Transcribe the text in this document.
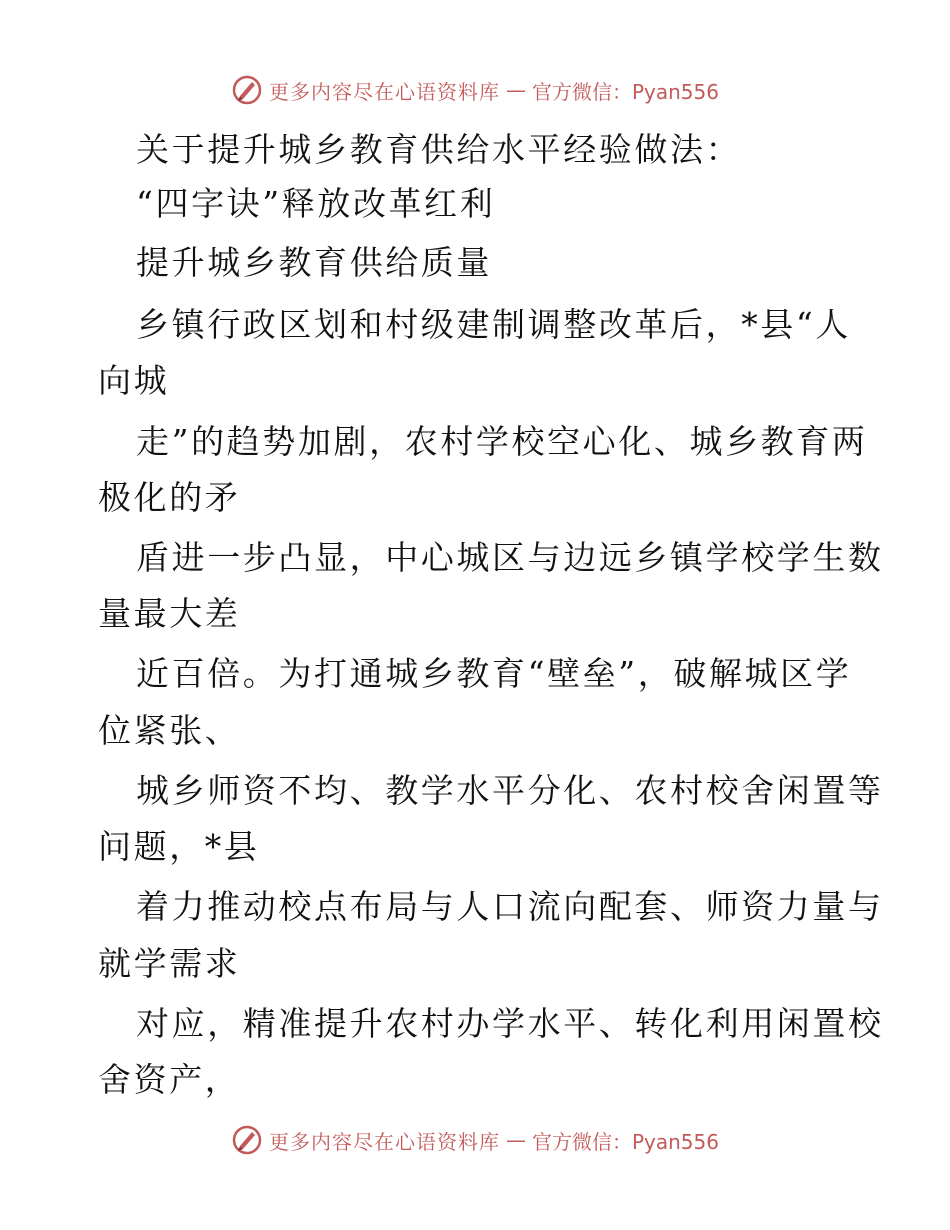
更多内容尽在心语资料库 — 官方微信：Pyan556
关于提升城乡教育供给水平经验做法：
“四字诀”释放改革红利
提升城乡教育供给质量
乡镇行政区划和村级建制调整改革后，*县“人
向城
走”的趋势加剧，农村学校空心化、城乡教育两
极化的矛
盾进一步凸显，中心城区与边远乡镇学校学生数
量最大差
近百倍。为打通城乡教育“壁垒”，破解城区学
位紧张、
城乡师资不均、教学水平分化、农村校舍闲置等
问题，*县
着力推动校点布局与人口流向配套、师资力量与
就学需求
对应，精准提升农村办学水平、转化利用闲置校
舍资产，
更多内容尽在心语资料库 — 官方微信：Pyan556
